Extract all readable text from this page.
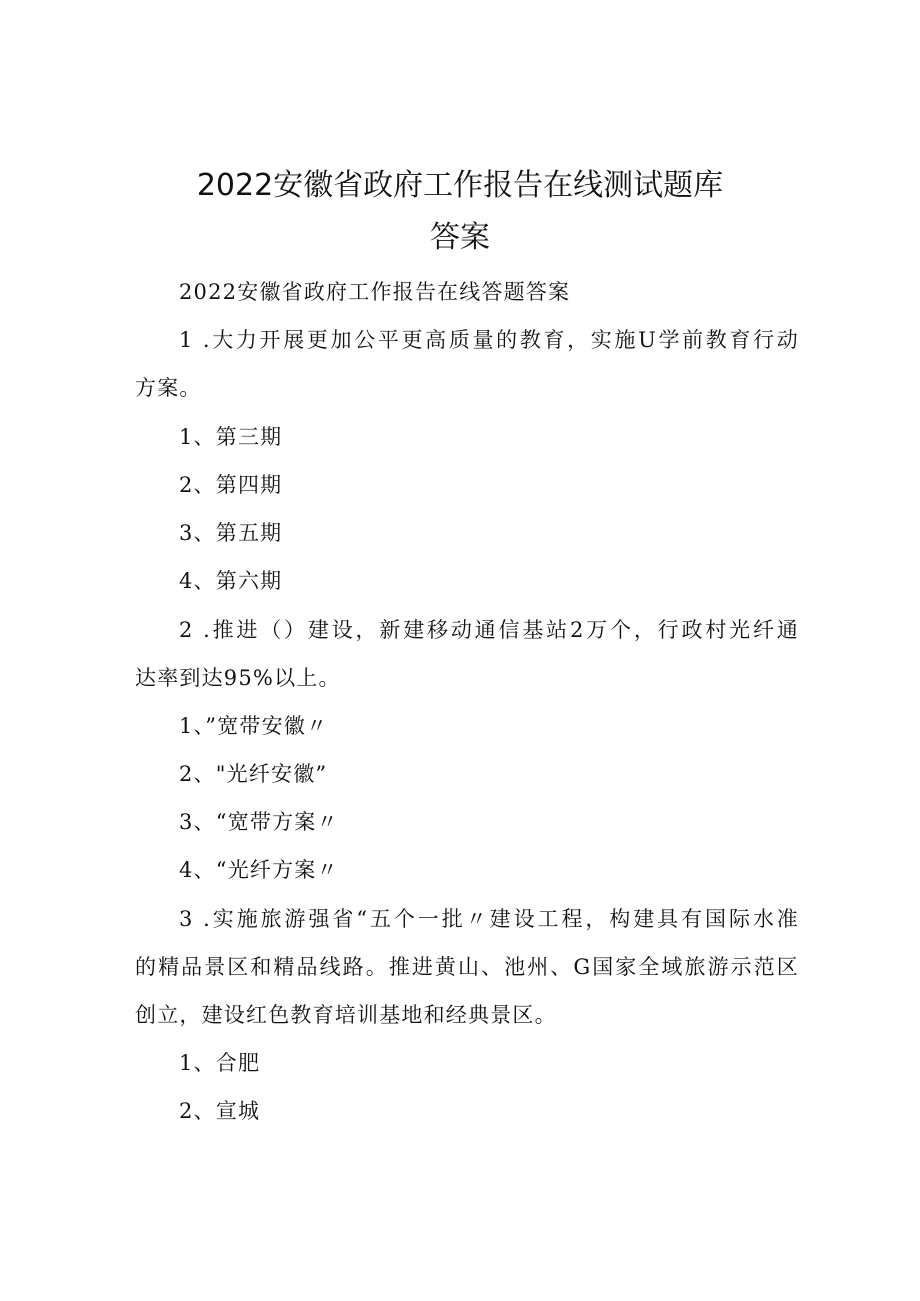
2022安徽省政府工作报告在线测试题库
答案
2022安徽省政府工作报告在线答题答案
1 .大力开展更加公平更高质量的教育，实施U学前教育行动
方案。
1、第三期
2、第四期
3、第五期
4、第六期
2 .推进（）建设，新建移动通信基站2万个，行政村光纤通
达率到达95%以上。
1、”宽带安徽〃
2、"光纤安徽”
3、“宽带方案〃
4、“光纤方案〃
3 .实施旅游强省“五个一批〃建设工程，构建具有国际水准
的精品景区和精品线路。推进黄山、池州、G国家全域旅游示范区
创立，建设红色教育培训基地和经典景区。
1、合肥
2、宣城
